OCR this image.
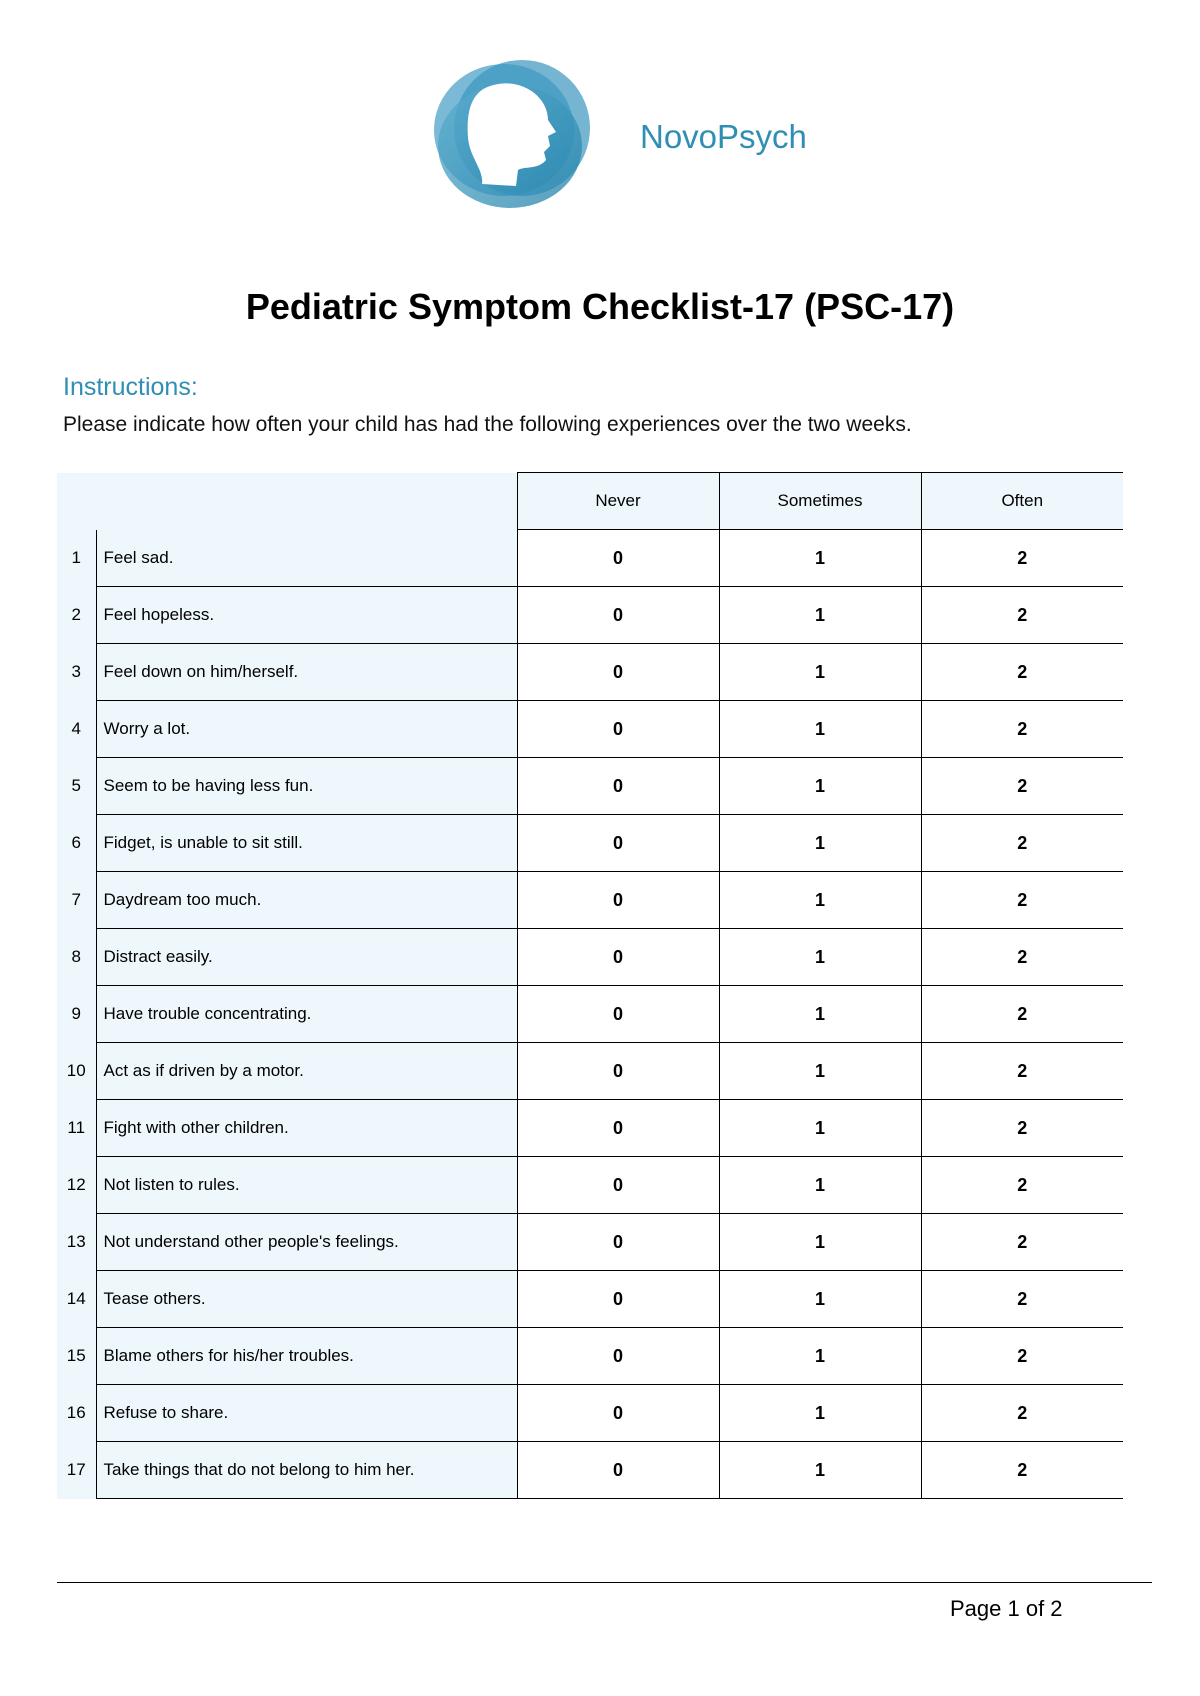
NovoPsych
Pediatric Symptom Checklist-17 (PSC-17)
Instructions:
Please indicate how often your child has had the following experiences over the two weeks.
		Never	Sometimes	Often
1	Feel sad.	0	1	2
2	Feel hopeless.	0	1	2
3	Feel down on him/herself.	0	1	2
4	Worry a lot.	0	1	2
5	Seem to be having less fun.	0	1	2
6	Fidget, is unable to sit still.	0	1	2
7	Daydream too much.	0	1	2
8	Distract easily.	0	1	2
9	Have trouble concentrating.	0	1	2
10	Act as if driven by a motor.	0	1	2
11	Fight with other children.	0	1	2
12	Not listen to rules.	0	1	2
13	Not understand other people's feelings.	0	1	2
14	Tease others.	0	1	2
15	Blame others for his/her troubles.	0	1	2
16	Refuse to share.	0	1	2
17	Take things that do not belong to him her.	0	1	2
Page 1 of 2
